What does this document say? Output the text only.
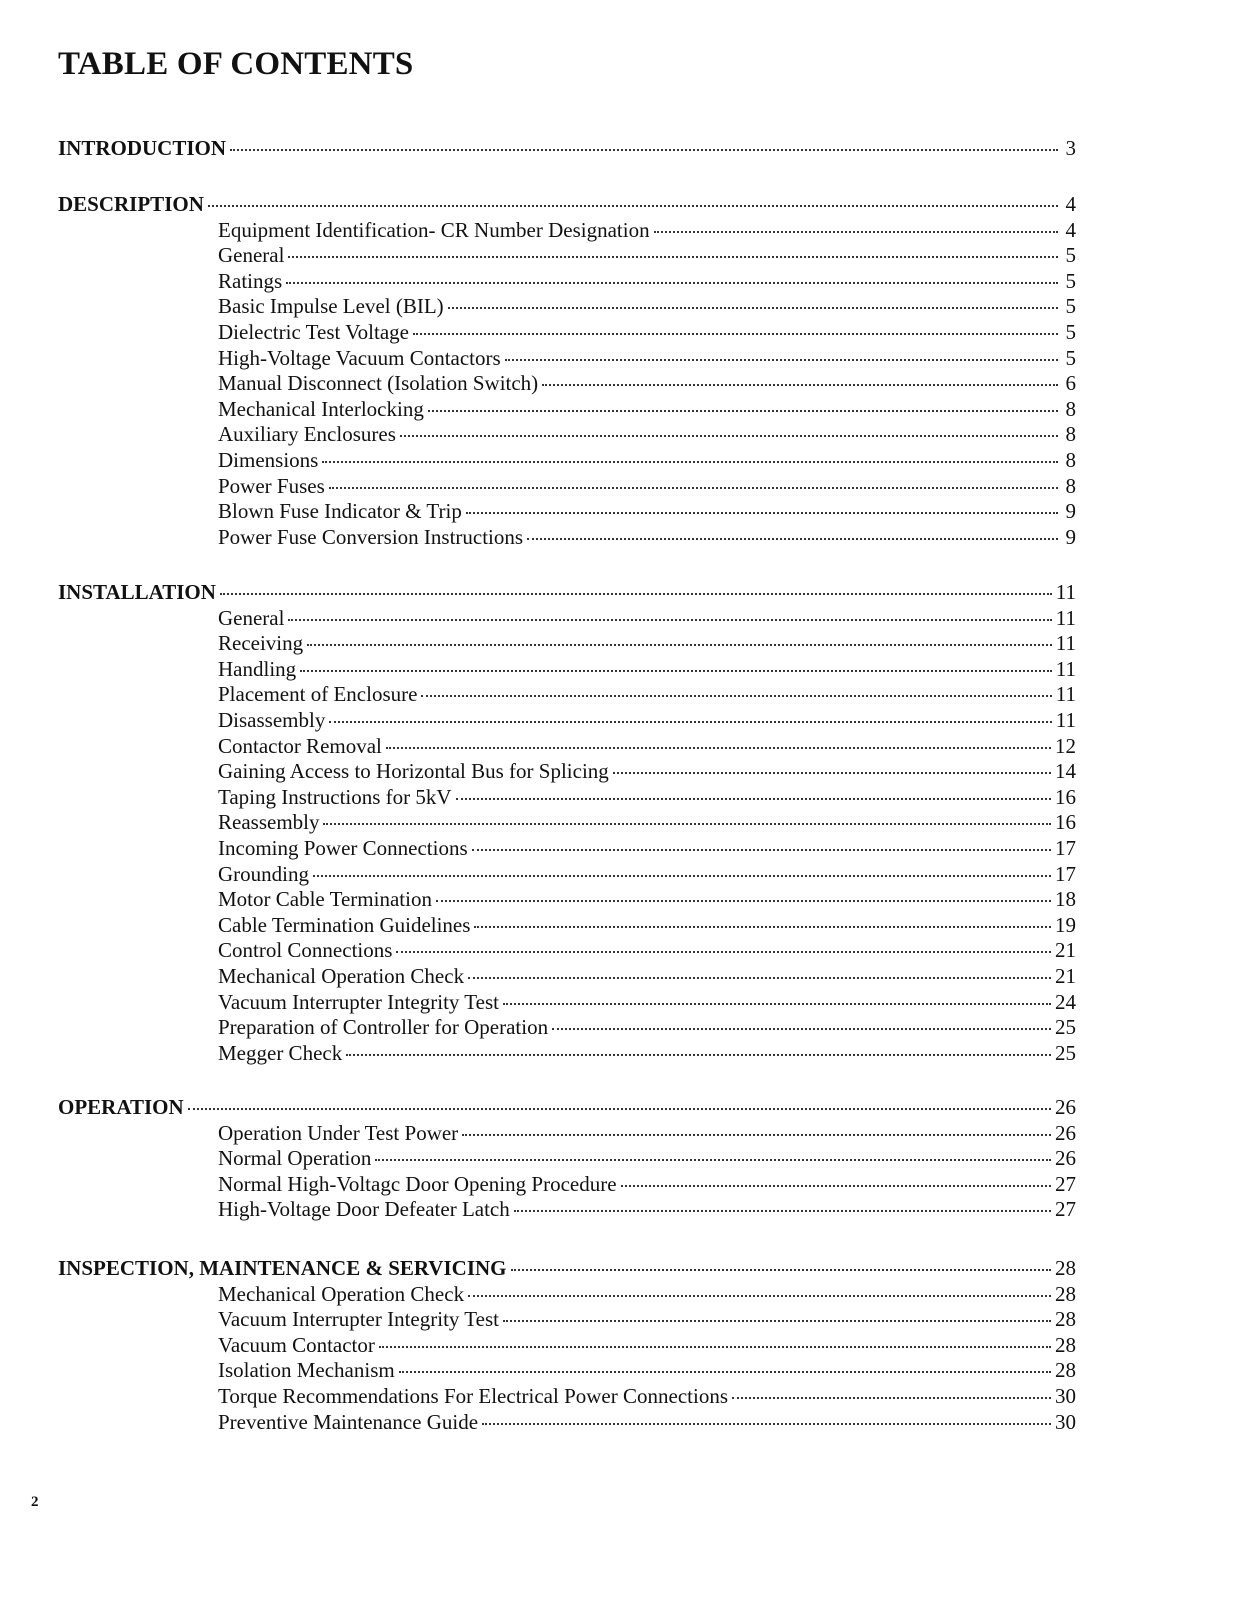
TABLE OF CONTENTS
INTRODUCTION	3
DESCRIPTION	4
Equipment Identification- CR Number Designation	4
General	5
Ratings	5
Basic Impulse Level (BIL)	5
Dielectric Test Voltage	5
High-Voltage Vacuum Contactors	5
Manual Disconnect (Isolation Switch)	6
Mechanical Interlocking	8
Auxiliary Enclosures	8
Dimensions	8
Power Fuses	8
Blown Fuse Indicator & Trip	9
Power Fuse Conversion Instructions	9
INSTALLATION	11
General	11
Receiving	11
Handling	11
Placement of Enclosure	11
Disassembly	11
Contactor Removal	12
Gaining Access to Horizontal Bus for Splicing	14
Taping Instructions for 5kV	16
Reassembly	16
Incoming Power Connections	17
Grounding	17
Motor Cable Termination	18
Cable Termination Guidelines	19
Control Connections	21
Mechanical Operation Check	21
Vacuum Interrupter Integrity Test	24
Preparation of Controller for Operation	25
Megger Check	25
OPERATION	26
Operation Under Test Power	26
Normal Operation	26
Normal High-Voltagc Door Opening Procedure	27
High-Voltage Door Defeater Latch	27
INSPECTION, MAINTENANCE & SERVICING	28
Mechanical Operation Check	28
Vacuum Interrupter Integrity Test	28
Vacuum Contactor	28
Isolation Mechanism	28
Torque Recommendations For Electrical Power Connections	30
Preventive Maintenance Guide	30
2
